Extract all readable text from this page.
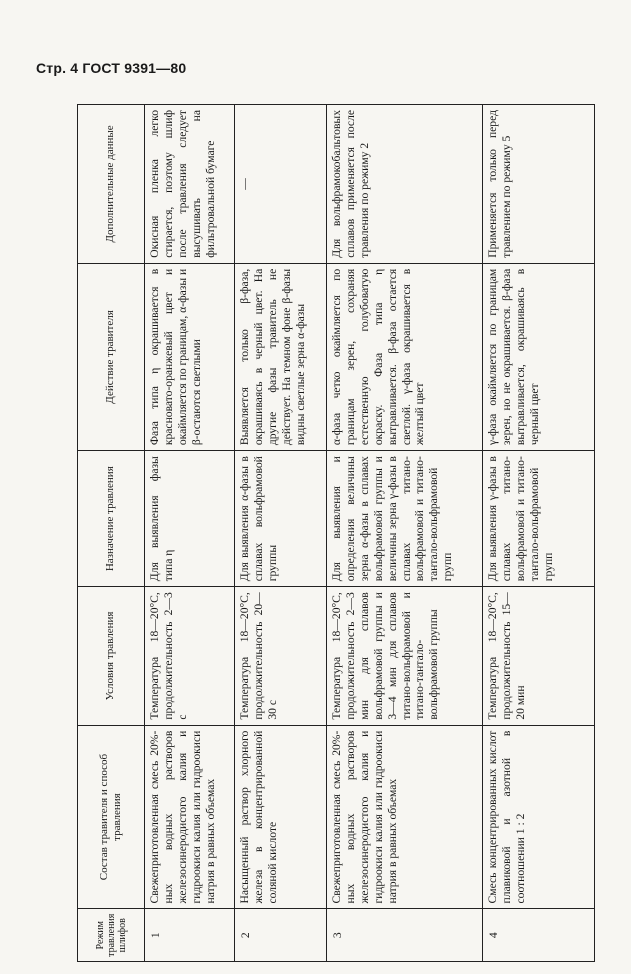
Стр. 4 ГОСТ 9391—80
Режим травления шлифов	Состав травителя и способ травления	Условия травления	Назначение травления	Действие травителя	Дополнительные данные
1	Свежеприготовленная смесь 20%-ных водных растворов железосинеродистого калия и гидроокиси калия или гидроокиси натрия в равных объемах	Температура 18—20°С, продолжительность 2—3 с	Для выявления фазы типа η	Фаза типа η окрашивается в красновато-оранжевый цвет и окаймляется по границам, α-фазы и β-остаются светлыми	Окисная пленка легко стирается, поэтому шлиф после травления следует высушивать на фильтровальной бумаге
2	Насыщенный раствор хлорного железа в концентрированной соляной кислоте	Температура 18—20°С, продолжительность 20—30 с	Для выявления α-фазы в сплавах вольфрамовой группы	Выявляется только β-фаза, окрашиваясь в черный цвет. На другие фазы травитель не действует. На темном фоне β-фазы видны светлые зерна α-фазы	—

3	Свежеприготовленная смесь 20%-ных водных растворов железосинеродистого калия и гидроокиси калия или гидроокиси натрия в равных объемах	Температура 18—20°С, продолжительность 2—3 мин для сплавов вольфрамовой группы и 3—4 мин для сплавов титано-вольфрамовой и титано-тантало-вольфрамовой группы	Для выявления и определения величины зерна α-фазы в сплавах вольфрамовой группы и величины зерна γ-фазы в сплавах титано-вольфрамовой и титано-тантало-вольфрамовой групп	α-фаза четко окаймляется по границам зерен, сохраняя естественную голубоватую окраску. Фаза типа η вытравливается. β-фаза остается светлой. γ-фаза окрашивается в желтый цвет	Для вольфрамокобальтовых сплавов применяется после травления по режиму 2
4	Смесь концентрированных кислот плавиковой и азотной в соотношении 1 : 2	Температура 18—20°С, продолжительность 15—20 мин	Для выявления γ-фазы в сплавах титано-вольфрамовой и титано-тантало-вольфрамовой групп	γ-фаза окаймляется по границам зерен, но не окрашивается. β-фаза вытравливается, окрашиваясь в черный цвет	Применяется только перед травлением по режиму 5
